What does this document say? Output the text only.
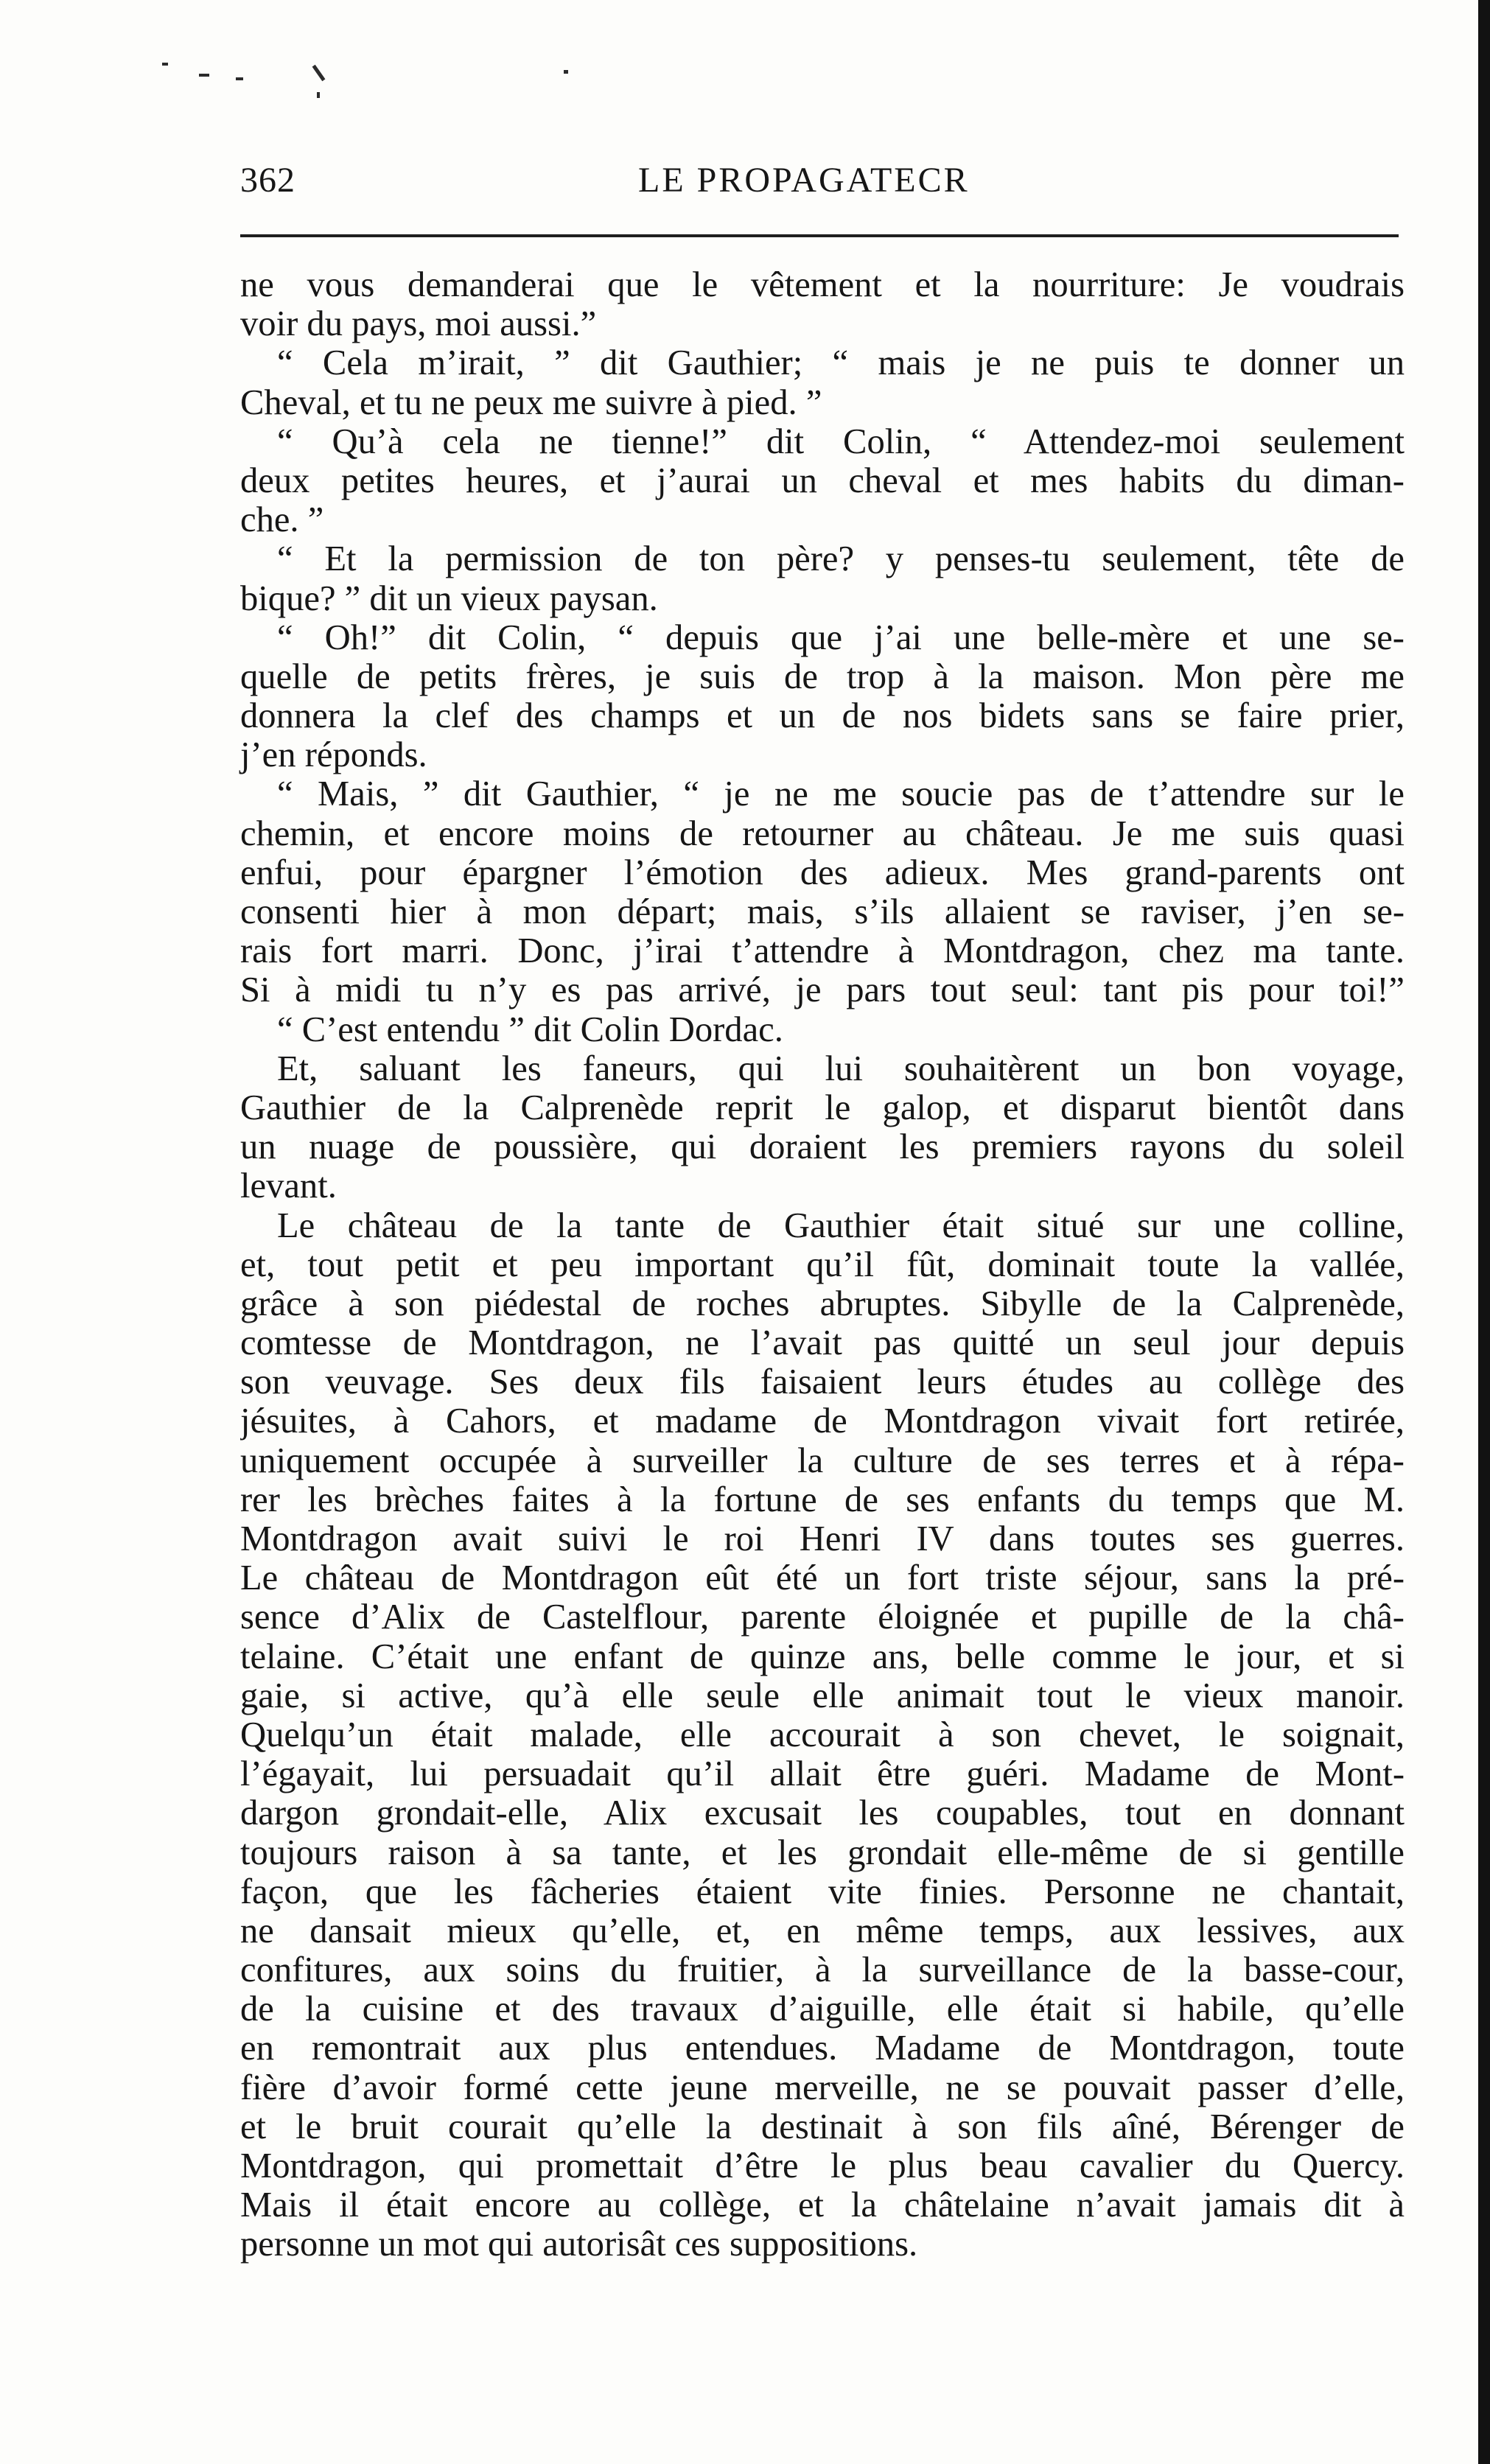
362	LE PROPAGATECR
ne vous demanderai que le vêtement et la nourriture: Je voudrais
voir du pays, moi aussi.”
“ Cela m’irait, ” dit Gauthier; “ mais je ne puis te donner un
Cheval, et tu ne peux me suivre à pied. ”
“ Qu’à cela ne tienne!” dit Colin, “ Attendez-moi seulement
deux petites heures, et j’aurai un cheval et mes habits du diman-
che. ”
“ Et la permission de ton père? y penses-tu seulement, tête de
bique? ” dit un vieux paysan.
“ Oh!” dit Colin, “ depuis que j’ai une belle-mère et une se-
quelle de petits frères, je suis de trop à la maison. Mon père me
donnera la clef des champs et un de nos bidets sans se faire prier,
j’en réponds.
“ Mais, ” dit Gauthier, “ je ne me soucie pas de t’attendre sur le
chemin, et encore moins de retourner au château. Je me suis quasi
enfui, pour épargner l’émotion des adieux. Mes grand-parents ont
consenti hier à mon départ; mais, s’ils allaient se raviser, j’en se-
rais fort marri. Donc, j’irai t’attendre à Montdragon, chez ma tante.
Si à midi tu n’y es pas arrivé, je pars tout seul: tant pis pour toi!”
“ C’est entendu ” dit Colin Dordac.
Et, saluant les faneurs, qui lui souhaitèrent un bon voyage,
Gauthier de la Calprenède reprit le galop, et disparut bientôt dans
un nuage de poussière, qui doraient les premiers rayons du soleil
levant.
Le château de la tante de Gauthier était situé sur une colline,
et, tout petit et peu important qu’il fût, dominait toute la vallée,
grâce à son piédestal de roches abruptes. Sibylle de la Calprenède,
comtesse de Montdragon, ne l’avait pas quitté un seul jour depuis
son veuvage. Ses deux fils faisaient leurs études au collège des
jésuites, à Cahors, et madame de Montdragon vivait fort retirée,
uniquement occupée à surveiller la culture de ses terres et à répa-
rer les brèches faites à la fortune de ses enfants du temps que M.
Montdragon avait suivi le roi Henri IV dans toutes ses guerres.
Le château de Montdragon eût été un fort triste séjour, sans la pré-
sence d’Alix de Castelflour, parente éloignée et pupille de la châ-
telaine. C’était une enfant de quinze ans, belle comme le jour, et si
gaie, si active, qu’à elle seule elle animait tout le vieux manoir.
Quelqu’un était malade, elle accourait à son chevet, le soignait,
l’égayait, lui persuadait qu’il allait être guéri. Madame de Mont-
dargon grondait-elle, Alix excusait les coupables, tout en donnant
toujours raison à sa tante, et les grondait elle-même de si gentille
façon, que les fâcheries étaient vite finies. Personne ne chantait,
ne dansait mieux qu’elle, et, en même temps, aux lessives, aux
confitures, aux soins du fruitier, à la surveillance de la basse-cour,
de la cuisine et des travaux d’aiguille, elle était si habile, qu’elle
en remontrait aux plus entendues. Madame de Montdragon, toute
fière d’avoir formé cette jeune merveille, ne se pouvait passer d’elle,
et le bruit courait qu’elle la destinait à son fils aîné, Bérenger de
Montdragon, qui promettait d’être le plus beau cavalier du Quercy.
Mais il était encore au collège, et la châtelaine n’avait jamais dit à
personne un mot qui autorisât ces suppositions.
